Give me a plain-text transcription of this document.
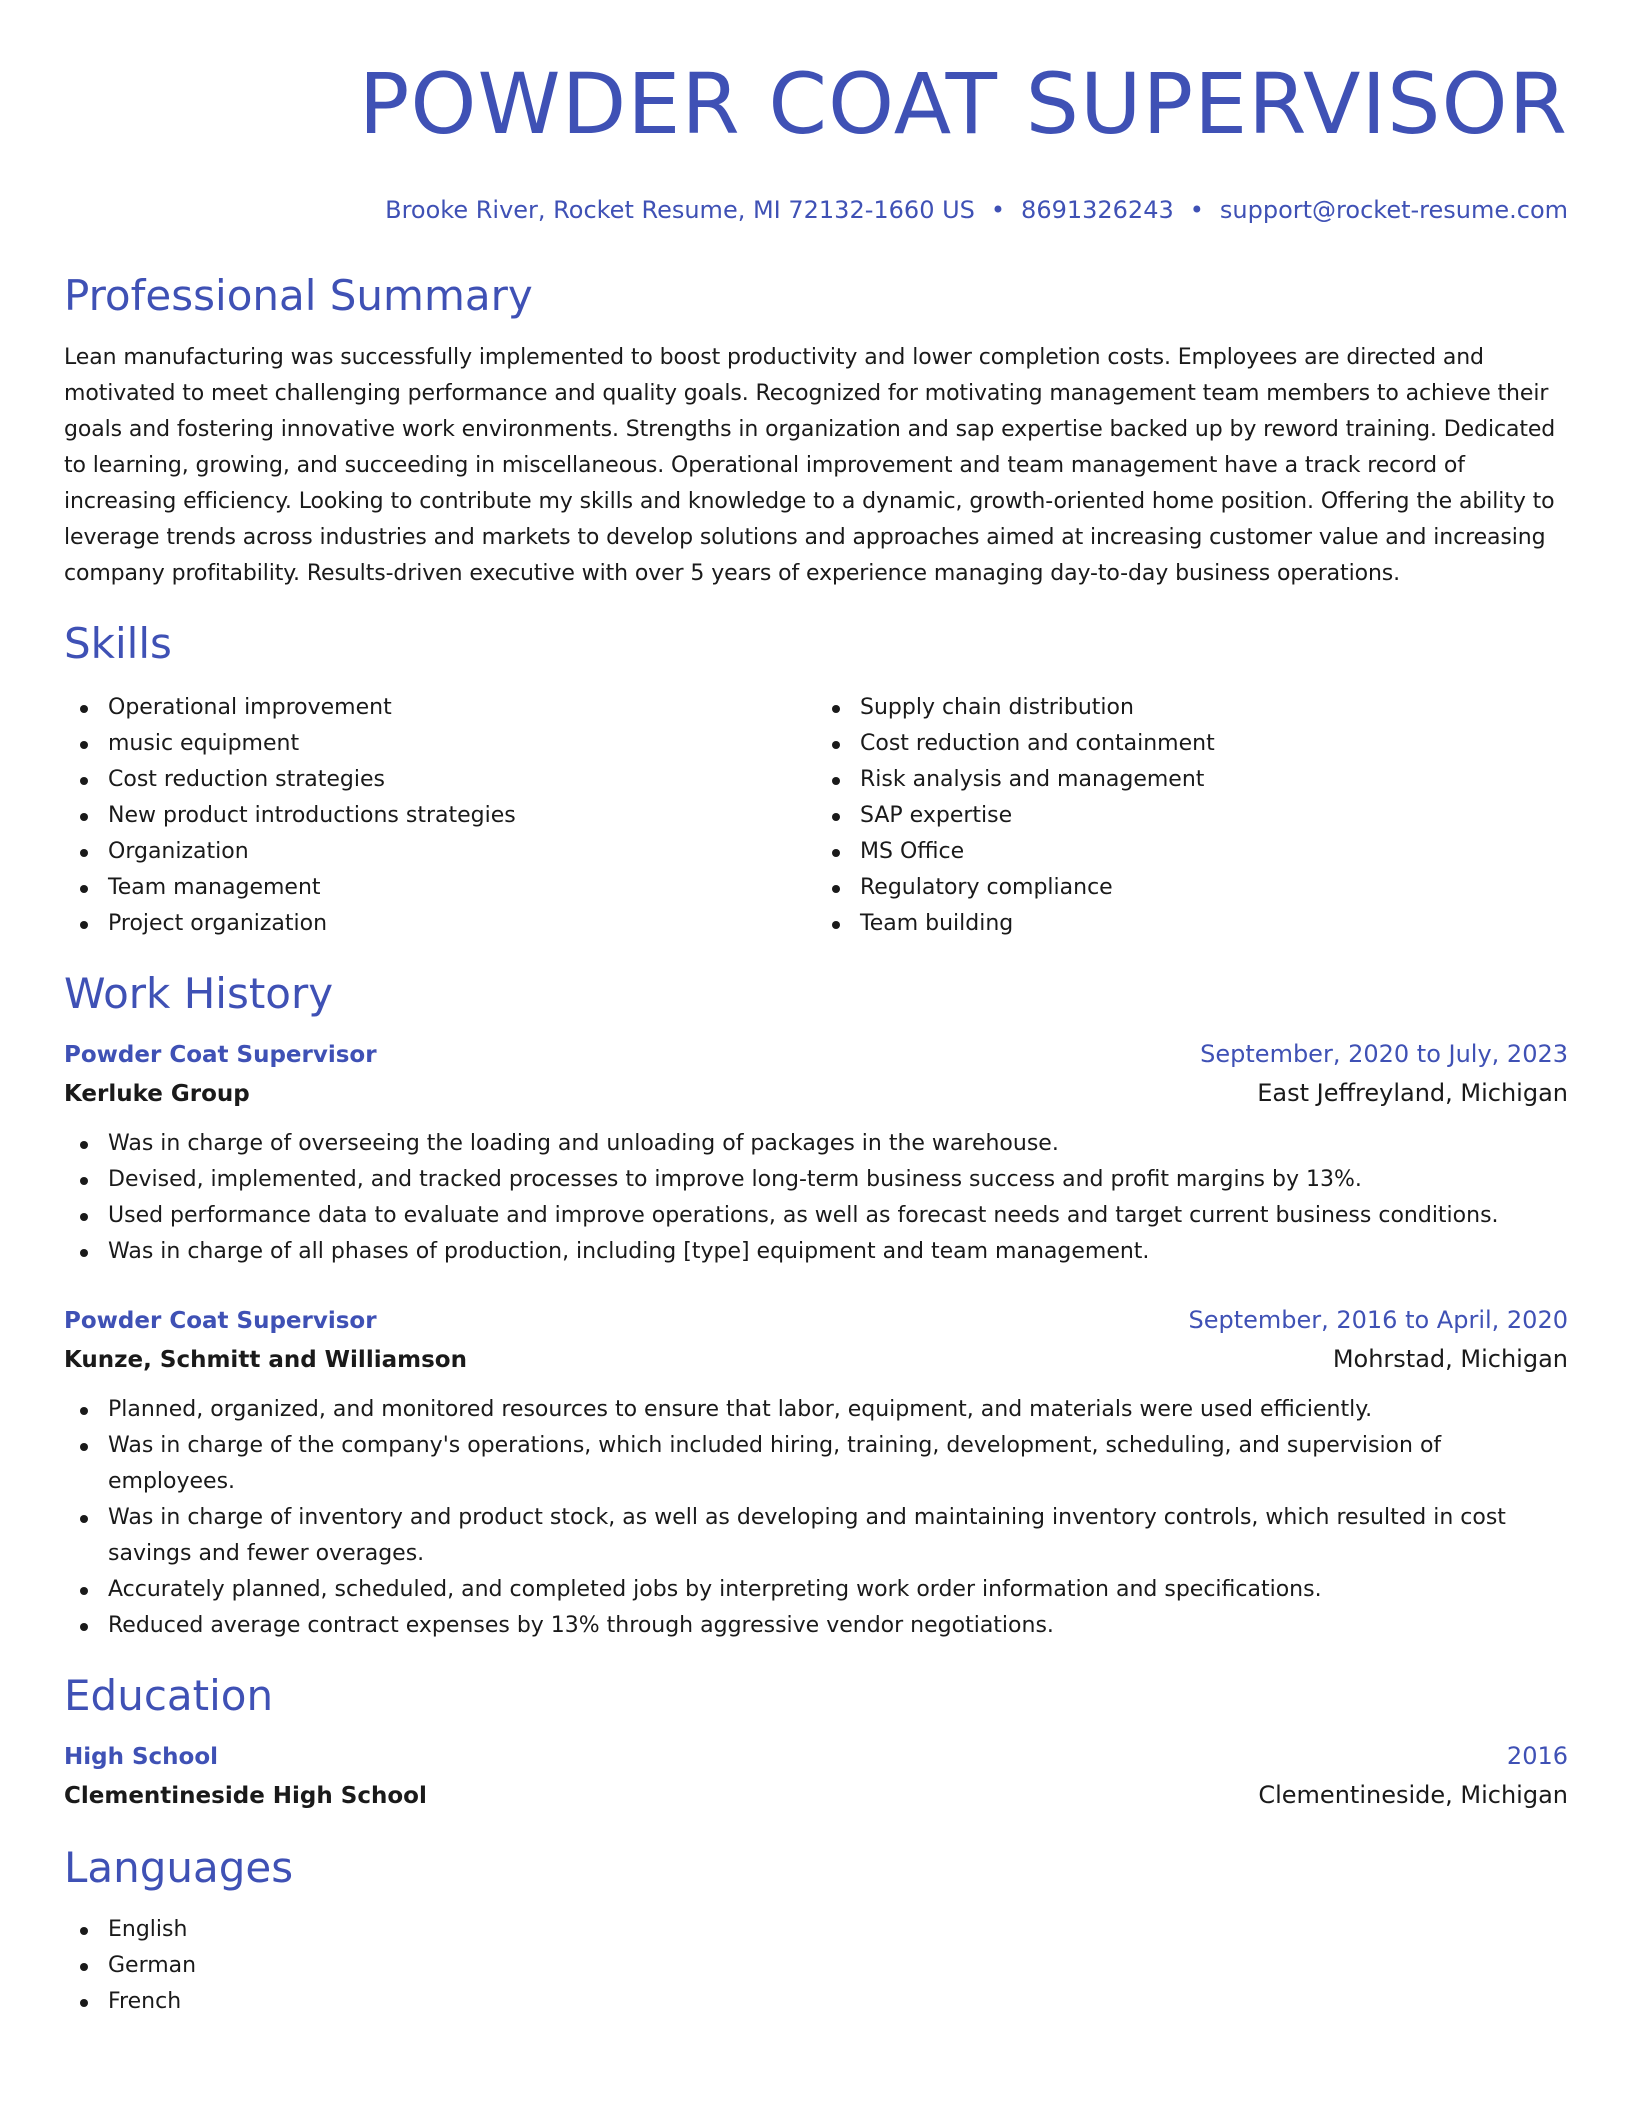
POWDER COAT SUPERVISOR
Brooke River, Rocket Resume, MI 72132-1660 US • 8691326243 • support@rocket-resume.com
Professional Summary

Lean manufacturing was successfully implemented to boost productivity and lower completion costs. Employees are directed and motivated to meet challenging performance and quality goals. Recognized for motivating management team members to achieve their goals and fostering innovative work environments. Strengths in organization and sap expertise backed up by reword training. Dedicated to learning, growing, and succeeding in miscellaneous. Operational improvement and team management have a track record of increasing efficiency. Looking to contribute my skills and knowledge to a dynamic, growth-oriented home position. Offering the ability to leverage trends across industries and markets to develop solutions and approaches aimed at increasing customer value and increasing company profitability. Results-driven executive with over 5 years of experience managing day-to-day business operations.

Skills
Operational improvement
music equipment
Cost reduction strategies
New product introductions strategies
Organization
Team management
Project organization
Supply chain distribution
Cost reduction and containment
Risk analysis and management
SAP expertise
MS Office
Regulatory compliance
Team building
Work History
Powder Coat Supervisor	September, 2020 to July, 2023
Kerluke Group	East Jeffreyland, Michigan
Was in charge of overseeing the loading and unloading of packages in the warehouse.
Devised, implemented, and tracked processes to improve long-term business success and profit margins by 13%.
Used performance data to evaluate and improve operations, as well as forecast needs and target current business conditions.
Was in charge of all phases of production, including [type] equipment and team management.
Powder Coat Supervisor	September, 2016 to April, 2020
Kunze, Schmitt and Williamson	Mohrstad, Michigan
Planned, organized, and monitored resources to ensure that labor, equipment, and materials were used efficiently.
Was in charge of the company's operations, which included hiring, training, development, scheduling, and supervision of employees.
Was in charge of inventory and product stock, as well as developing and maintaining inventory controls, which resulted in cost savings and fewer overages.
Accurately planned, scheduled, and completed jobs by interpreting work order information and specifications.
Reduced average contract expenses by 13% through aggressive vendor negotiations.
Education
High School	2016
Clementineside High School	Clementineside, Michigan
Languages
English
German
French
